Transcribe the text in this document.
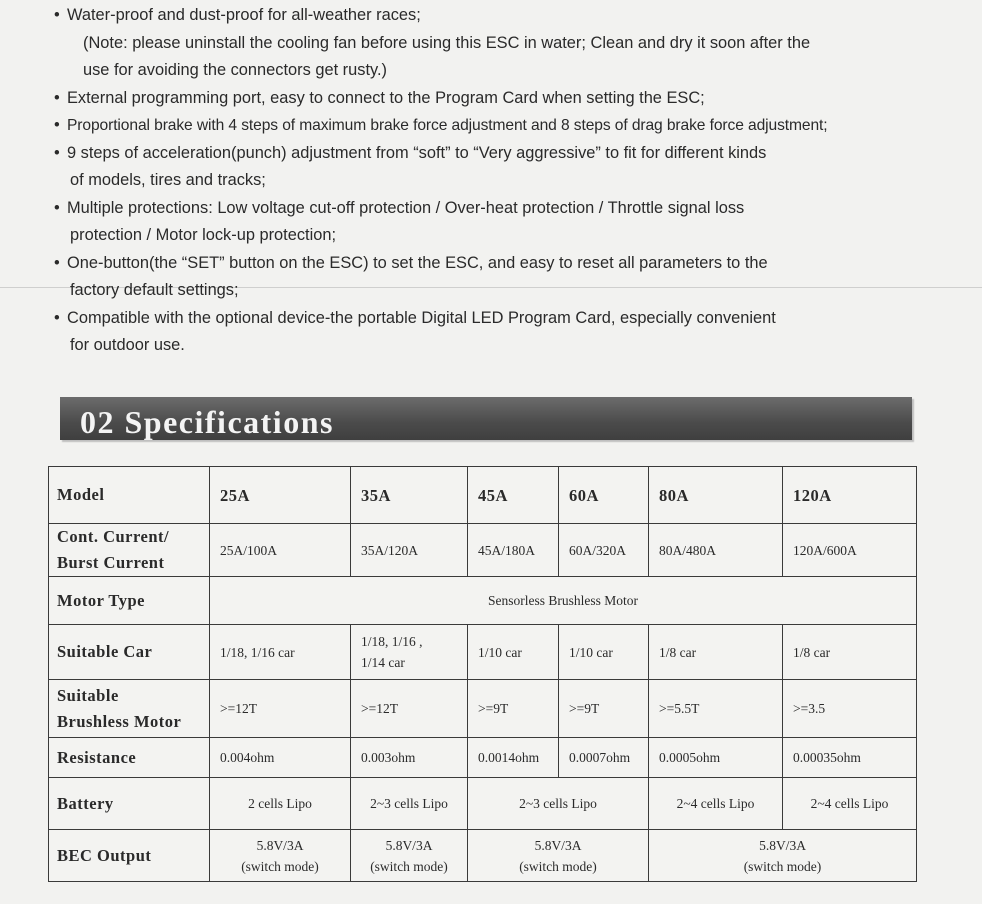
• Water-proof and dust-proof for all-weather races;
(Note: please uninstall the cooling fan before using this ESC in water; Clean and dry it soon after the
use for avoiding the connectors get rusty.)
• External programming port, easy to connect to the Program Card when setting the ESC;
• Proportional brake with 4 steps of maximum brake force adjustment and 8 steps of drag brake force adjustment;
• 9 steps of acceleration(punch) adjustment from “soft” to “Very aggressive” to fit for different kinds
of models, tires and tracks;
• Multiple protections: Low voltage cut-off protection / Over-heat protection / Throttle signal loss
protection / Motor lock-up protection;
• One-button(the “SET” button on the ESC) to set the ESC, and easy to reset all parameters to the
factory default settings;
• Compatible with the optional device-the portable Digital LED Program Card, especially convenient
for outdoor use.
02 Specifications
Model	25A	35A	45A	60A	80A	120A

Cont. Current/
Burst Current	25A/100A	35A/120A	45A/180A	60A/320A	80A/480A	120A/600A
Motor Type	Sensorless Brushless Motor					
Suitable Car	1/18, 1/16 car	1/18, 1/16 ,
1/14 car	1/10 car	1/10 car	1/8 car	1/8 car

Suitable
Brushless Motor	>=12T	>=12T	>=9T	>=9T	>=5.5T	>=3.5
Resistance	0.004ohm	0.003ohm	0.0014ohm	0.0007ohm	0.0005ohm	0.00035ohm
Battery	2 cells Lipo	2~3 cells Lipo	2~3 cells Lipo		2~4 cells Lipo	2~4 cells Lipo
BEC Output	5.8V/3A
(switch mode)	5.8V/3A
(switch mode)	5.8V/3A
(switch mode)		5.8V/3A
(switch mode)	
